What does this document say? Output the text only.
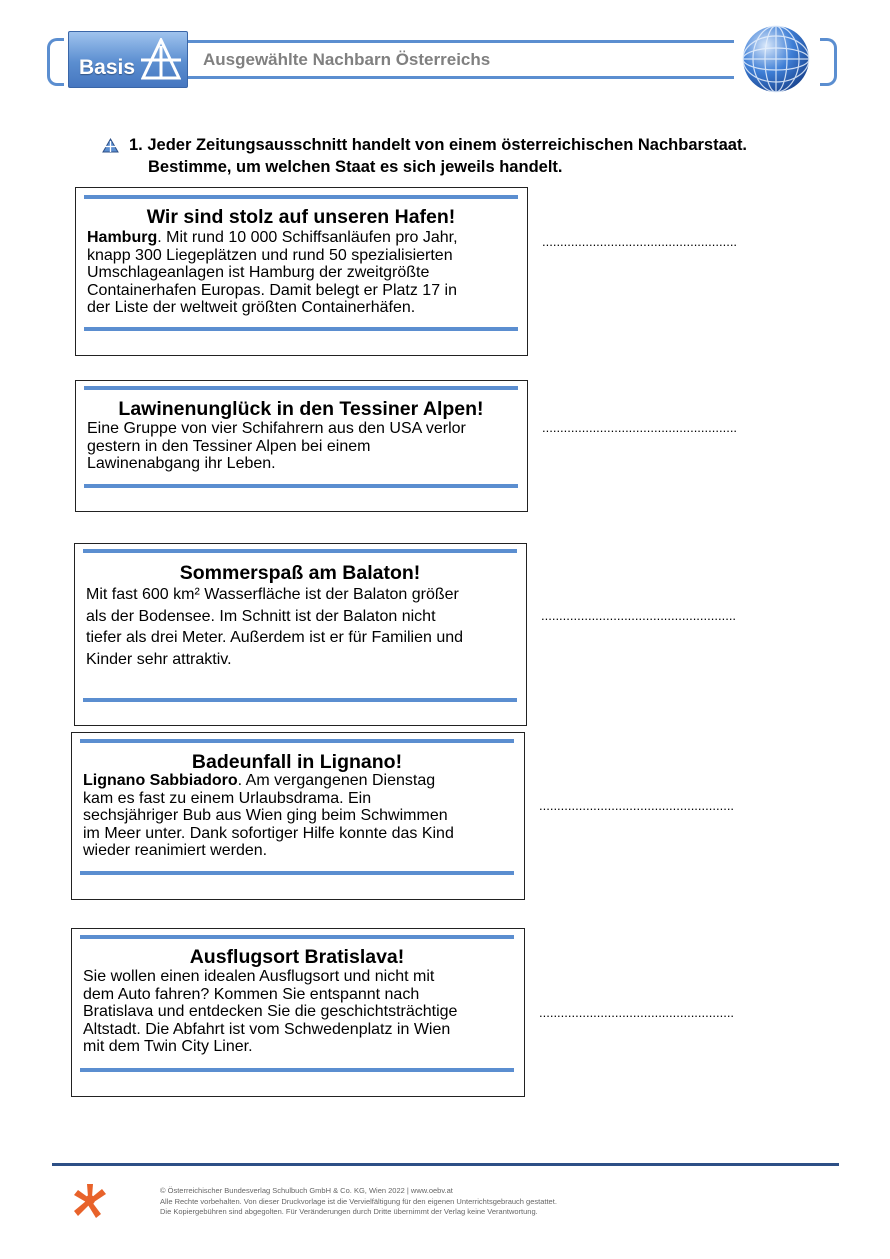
Basis	Ausgewählte Nachbarn Österreichs
1. Jeder Zeitungsausschnitt handelt von einem österreichischen Nachbarstaat.
Bestimme, um welchen Staat es sich jeweils handelt.
Wir sind stolz auf unseren Hafen!
Hamburg. Mit rund 10 000 Schiffsanläufen pro Jahr,
knapp 300 Liegeplätzen und rund 50 spezialisierten
Umschlageanlagen ist Hamburg der zweitgrößte
Containerhafen Europas. Damit belegt er Platz 17 in
der Liste der weltweit größten Containerhäfen.
......................................................
Lawinenunglück in den Tessiner Alpen!
Eine Gruppe von vier Schifahrern aus den USA verlor
gestern in den Tessiner Alpen bei einem
Lawinenabgang ihr Leben.
......................................................
Sommerspaß am Balaton!
Mit fast 600 km² Wasserfläche ist der Balaton größer
als der Bodensee. Im Schnitt ist der Balaton nicht
tiefer als drei Meter. Außerdem ist er für Familien und
Kinder sehr attraktiv.
......................................................
Badeunfall in Lignano!
Lignano Sabbiadoro. Am vergangenen Dienstag
kam es fast zu einem Urlaubsdrama. Ein
sechsjähriger Bub aus Wien ging beim Schwimmen
im Meer unter. Dank sofortiger Hilfe konnte das Kind
wieder reanimiert werden.
......................................................
Ausflugsort Bratislava!
Sie wollen einen idealen Ausflugsort und nicht mit
dem Auto fahren? Kommen Sie entspannt nach
Bratislava und entdecken Sie die geschichtsträchtige
Altstadt. Die Abfahrt ist vom Schwedenplatz in Wien
mit dem Twin City Liner.
......................................................
© Österreichischer Bundesverlag Schulbuch GmbH & Co. KG, Wien 2022 | www.oebv.at
Alle Rechte vorbehalten. Von dieser Druckvorlage ist die Vervielfältigung für den eigenen Unterrichtsgebrauch gestattet.
Die Kopiergebühren sind abgegolten. Für Veränderungen durch Dritte übernimmt der Verlag keine Verantwortung.
